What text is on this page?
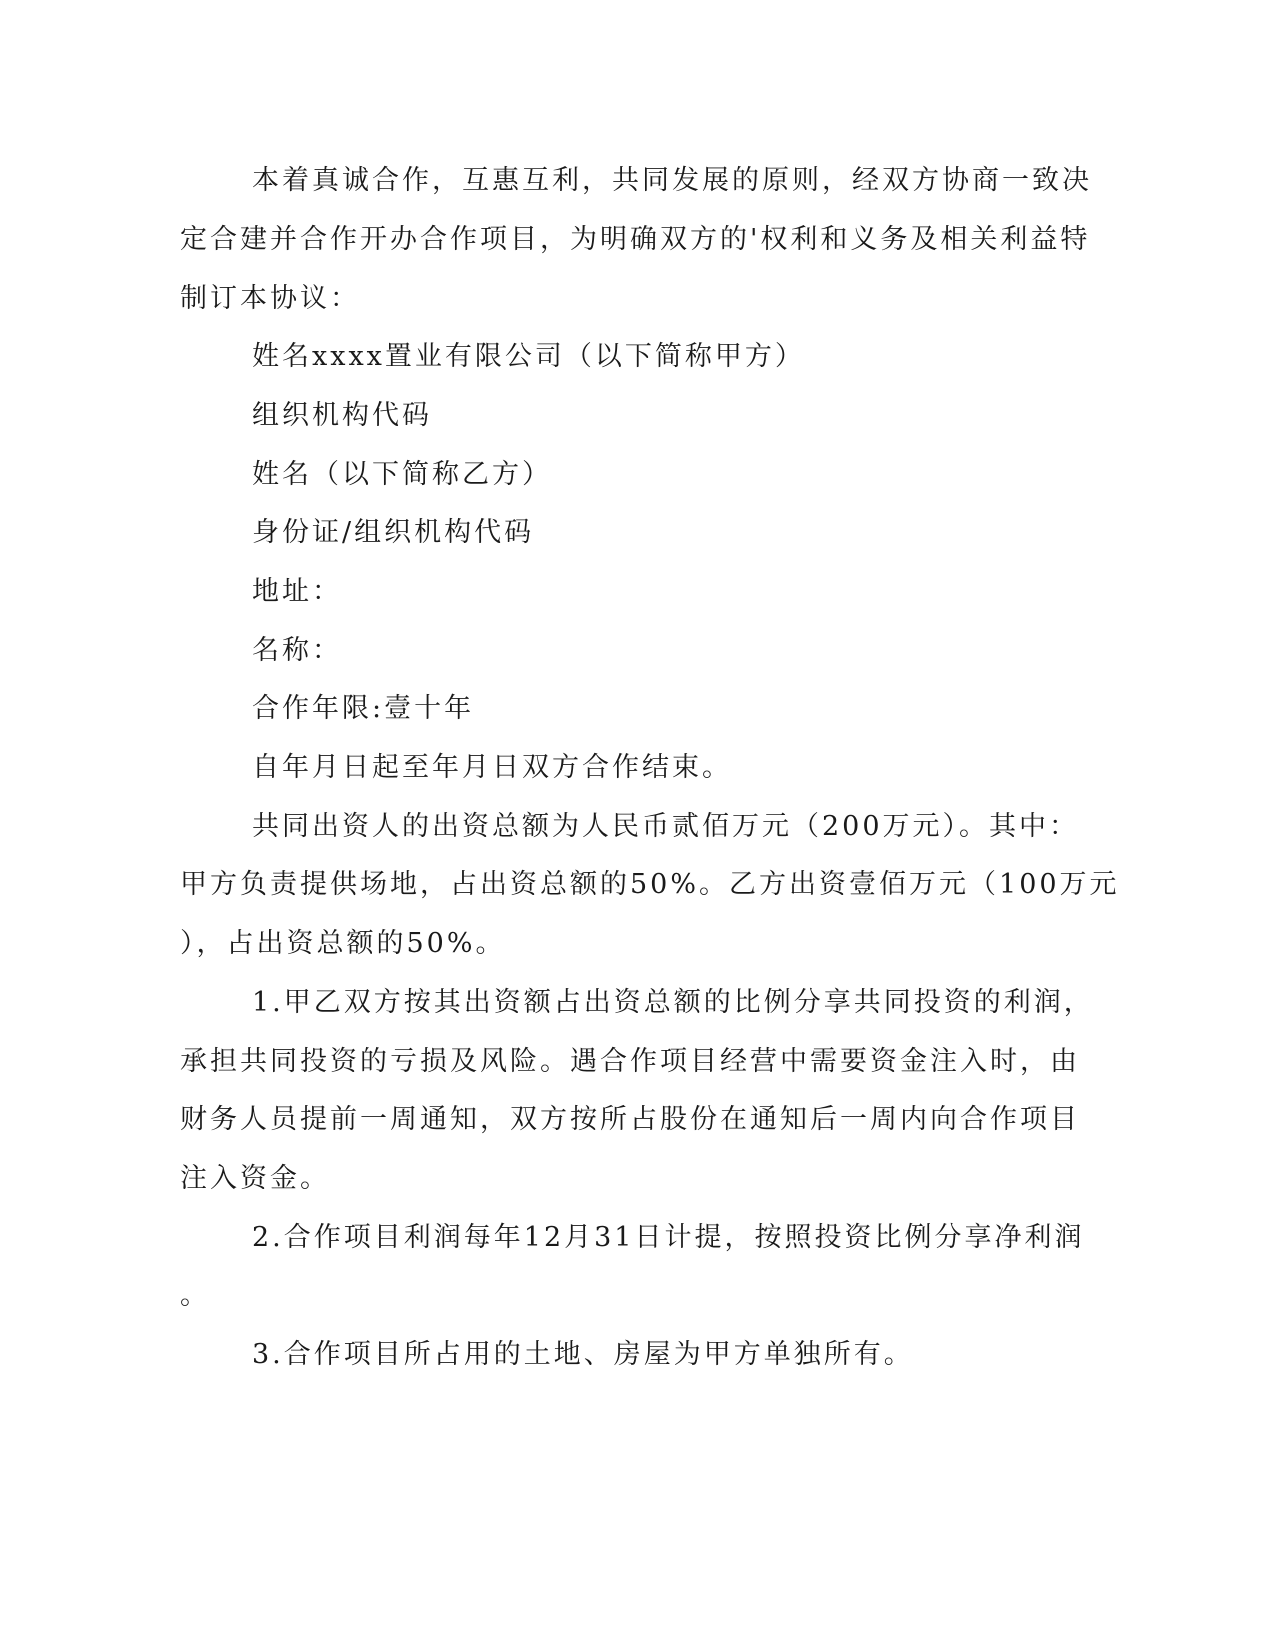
本着真诚合作，互惠互利，共同发展的原则，经双方协商一致决
定合建并合作开办合作项目，为明确双方的'权利和义务及相关利益特
制订本协议：
姓名xxxx置业有限公司（以下简称甲方）
组织机构代码
姓名（以下简称乙方）
身份证/组织机构代码
地址：
名称：
合作年限:壹十年
自年月日起至年月日双方合作结束。
共同出资人的出资总额为人民币贰佰万元（200万元）。其中：
甲方负责提供场地，占出资总额的50%。乙方出资壹佰万元（100万元
），占出资总额的50%。
1.甲乙双方按其出资额占出资总额的比例分享共同投资的利润，
承担共同投资的亏损及风险。遇合作项目经营中需要资金注入时，由
财务人员提前一周通知，双方按所占股份在通知后一周内向合作项目
注入资金。
2.合作项目利润每年12月31日计提，按照投资比例分享净利润
。
3.合作项目所占用的土地、房屋为甲方单独所有。
